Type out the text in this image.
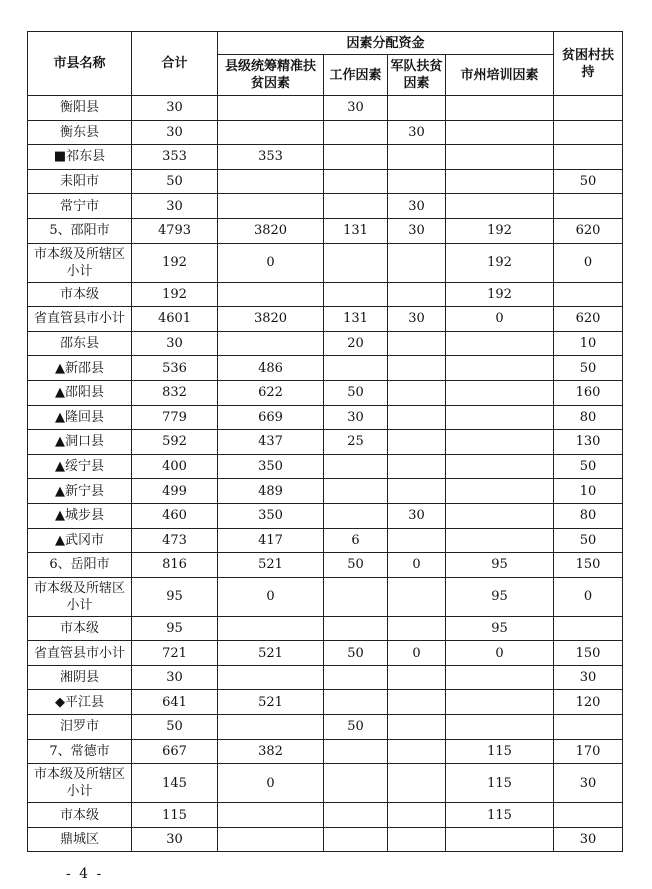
市县名称	合计	因素分配资金				贫困村扶持
		县级统筹精准扶贫因素	工作因素	军队扶贫因素	市州培训因素	
衡阳县	30		30			
衡东县	30			30		
■祁东县	353	353				
耒阳市	50					50
常宁市	30			30		
5、邵阳市	4793	3820	131	30	192	620
市本级及所辖区小计	192	0			192	0
市本级	192				192	
省直管县市小计	4601	3820	131	30	0	620
邵东县	30		20			10
▲新邵县	536	486				50
▲邵阳县	832	622	50			160
▲隆回县	779	669	30			80
▲洞口县	592	437	25			130
▲绥宁县	400	350				50
▲新宁县	499	489				10
▲城步县	460	350		30		80
▲武冈市	473	417	6			50
6、岳阳市	816	521	50	0	95	150
市本级及所辖区小计	95	0			95	0
市本级	95				95	
省直管县市小计	721	521	50	0	0	150
湘阴县	30					30
◆平江县	641	521				120
汨罗市	50		50			
7、常德市	667	382			115	170
市本级及所辖区小计	145	0			115	30
市本级	115				115	
鼎城区	30					30
- 4 -
